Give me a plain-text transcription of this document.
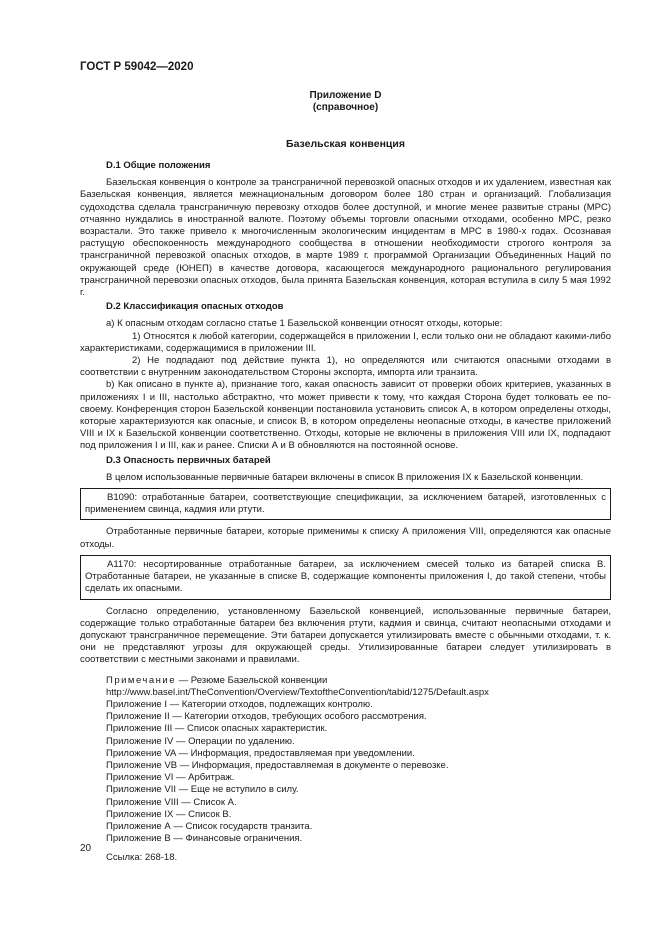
ГОСТ Р 59042—2020
Приложение D
(справочное)
Базельская конвенция
D.1 Общие положения

Базельская конвенция о контроле за трансграничной перевозкой опасных отходов и их удалением, известная как Базельская конвенция, является межнациональным договором более 180 стран и организаций. Глобализация судоходства сделала трансграничную перевозку отходов более доступной, и многие менее развитые страны (MPC) отчаянно нуждались в иностранной валюте. Поэтому объемы торговли опасными отходами, особенно MPC, резко возрастали. Это также привело к многочисленным экологическим инцидентам в MPC в 1980-х годах. Осознавая растущую обеспокоенность международного сообщества в отношении необходимости строгого контроля за трансграничной перевозкой опасных отходов, в марте 1989 г. программой Организации Объединенных Наций по окружающей среде (ЮНЕП) в качестве договора, касающегося международного рационального регулирования трансграничной перевозки опасных отходов, была принята Базельская конвенция, которая вступила в силу 5 мая 1992 г.

D.2 Классификация опасных отходов

а) К опасным отходам согласно статье 1 Базельской конвенции относят отходы, которые:

1) Относятся к любой категории, содержащейся в приложении I, если только они не обладают какими-либо характеристиками, содержащимися в приложении III.

2) Не подпадают под действие пункта 1), но определяются или считаются опасными отходами в соответствии с внутренним законодательством Стороны экспорта, импорта или транзита.

b) Как описано в пункте а), признание того, какая опасность зависит от проверки обоих критериев, указанных в приложениях I и III, настолько абстрактно, что может привести к тому, что каждая Сторона будет толковать ее по-своему. Конференция сторон Базельской конвенции постановила установить список А, в котором определены отходы, которые характеризуются как опасные, и список В, в котором определены неопасные отходы, в качестве приложений VIII и IX к Базельской конвенции соответственно. Отходы, которые не включены в приложения VIII или IX, подпадают под приложения I и III, как и ранее. Списки А и В обновляются на постоянной основе.

D.3 Опасность первичных батарей

В целом использованные первичные батареи включены в список В приложения IX к Базельской конвенции.

В1090: отработанные батареи, соответствующие спецификации, за исключением батарей, изготовленных с применением свинца, кадмия или ртути.

Отработанные первичные батареи, которые применимы к списку А приложения VIII, определяются как опасные отходы.

А1170: несортированные отработанные батареи, за исключением смесей только из батарей списка В. Отработанные батареи, не указанные в списке В, содержащие компоненты приложения I, до такой степени, чтобы сделать их опасными.

Согласно определению, установленному Базельской конвенцией, использованные первичные батареи, содержащие только отработанные батареи без включения ртути, кадмия и свинца, считают неопасными отходами и допускают трансграничное перемещение. Эти батареи допускается утилизировать вместе с обычными отходами, т. к. они не представляют угрозы для окружающей среды. Утилизированные батареи следует утилизировать в соответствии с местными законами и правилами.

Примечание — Резюме Базельской конвенции
http://www.basel.int/TheConvention/Overview/TextoftheConvention/tabid/1275/Default.aspx
Приложение I — Категории отходов, подлежащих контролю.
Приложение II — Категории отходов, требующих особого рассмотрения.
Приложение III — Список опасных характеристик.
Приложение IV — Операции по удалению.
Приложение VA — Информация, предоставляемая при уведомлении.
Приложение VB — Информация, предоставляемая в документе о перевозке.
Приложение VI — Арбитраж.
Приложение VII — Еще не вступило в силу.
Приложение VIII — Список А.
Приложение IX — Список В.
Приложение А — Список государств транзита.
Приложение В — Финансовые ограничения.
Ссылка: 268-18.
20
